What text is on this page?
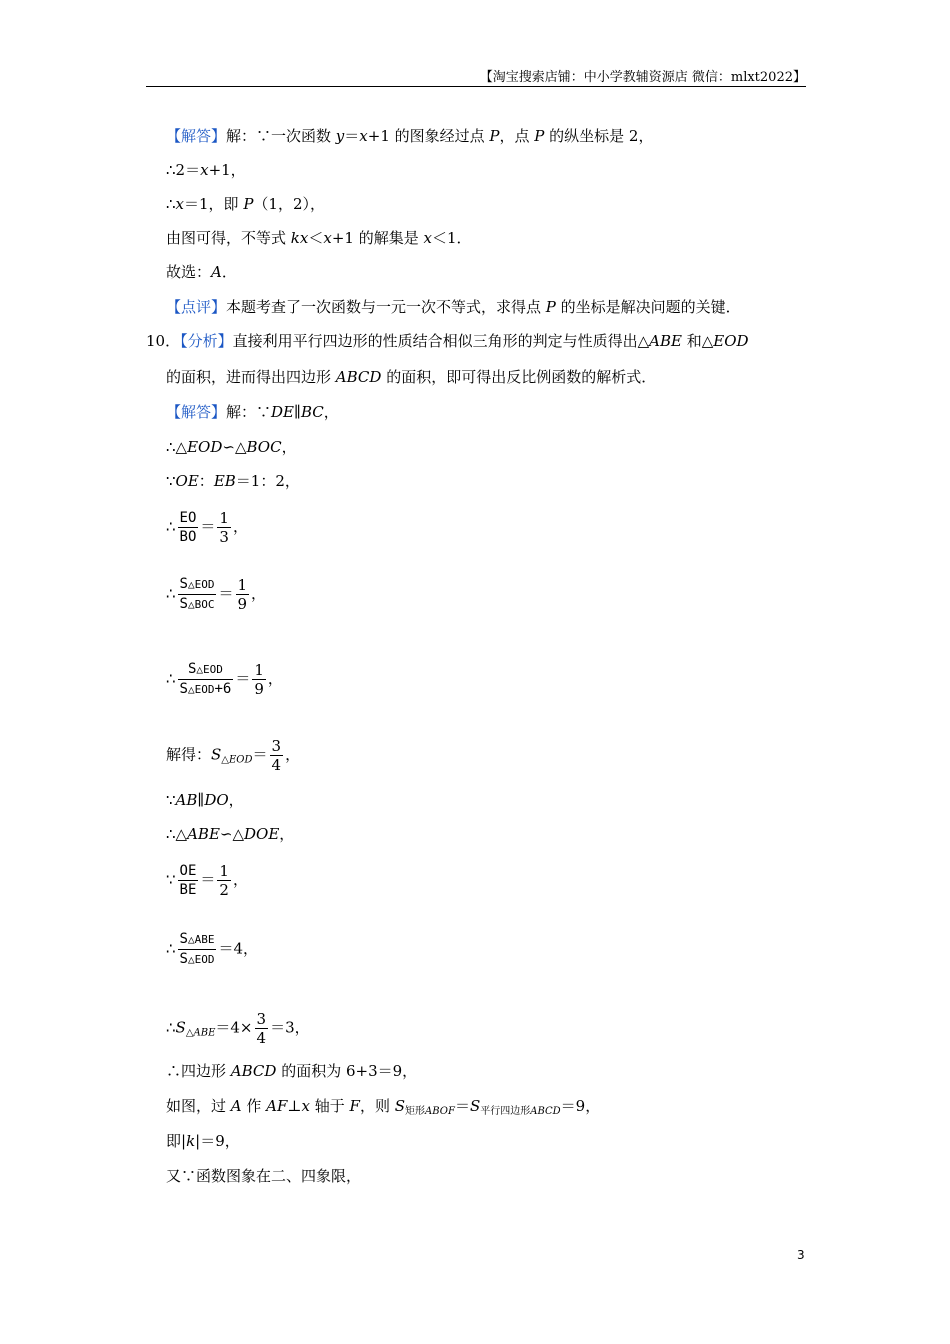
【淘宝搜索店铺：中小学教辅资源店 微信：mlxt2022】
【解答】解：∵一次函数 y＝x+1 的图象经过点 P，点 P 的纵坐标是 2，
∴2＝x+1，
∴x＝1，即 P（1，2），
由图可得，不等式 kx＜x+1 的解集是 x＜1．
故选：A．
【点评】本题考查了一次函数与一元一次不等式，求得点 P 的坐标是解决问题的关键．
10．【分析】直接利用平行四边形的性质结合相似三角形的判定与性质得出△ABE 和△EOD
的面积，进而得出四边形 ABCD 的面积，即可得出反比例函数的解析式．
【解答】解：∵DE∥BC，
∴△EOD∽△BOC，
∵OE：EB＝1：2，
∴ $\frac{EO}{BO} = \frac{1}{3}$ ，
∴ $\frac{\text{S△EOD}}{\text{S△BOC}} = \frac{1}{9}$ ，
∴ $\frac{\text{S△EOD}}{\text{S△EOD+6}} = \frac{1}{9}$ ，
解得：$S_{\triangle EOD}= \frac{3}{4}$ ，
∵AB∥DO，
∴△ABE∽△DOE，
∵ $\frac{OE}{BE} = \frac{1}{2}$ ，
∴ $\frac{\text{S△ABE}}{\text{S△EOD}} =4$，
$\therefore S_{\triangle ABE}=4\times \frac{3}{4} =3$，
∴四边形 ABCD 的面积为 6+3＝9，
如图，过 A 作 AF⊥x 轴于 F，则 $S_{矩形ABOF}=S_{平行四边形ABCD}=9$，
即|k|＝9，
又∵函数图象在二、四象限，
3
